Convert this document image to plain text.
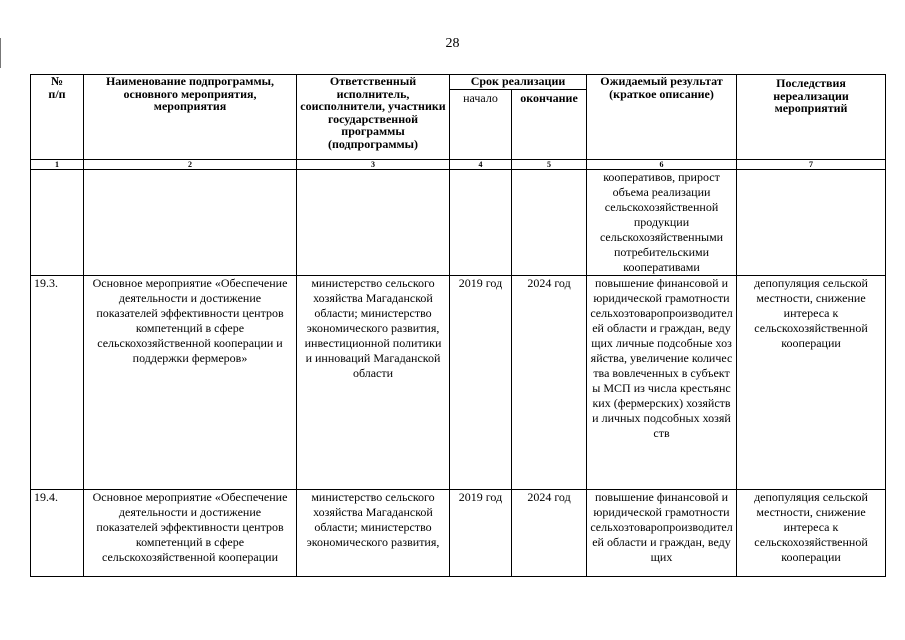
28
№
п/п	Наименование подпрограммы, основного мероприятия, мероприятия	Ответственный исполнитель, соисполнители, участники государственной программы (подпрограммы)	Срок реализации		Ожидаемый результат (краткое описание)	Последствия нереализации мероприятий
			начало	окончание		
1	2	3	4	5	6	7
					кооперативов, прирост объема реализации сельскохозяйственной продукции сельскохозяйственными потребительскими кооперативами	
19.3.	Основное мероприятие «Обеспечение деятельности и достижение показателей эффективности центров компетенций в сфере сельскохозяйственной кооперации и поддержки фермеров»	министерство сельского хозяйства Магаданской области; министерство экономического развития, инвестиционной политики и инноваций Магаданской области	2019 год	2024 год	повышение финансовой и юридической грамотности сельхозтоваропроизводителей области и граждан, ведущих личные подсобные хозяйства, увеличение количества вовлеченных в субъекты МСП из числа крестьянских (фермерских) хозяйств и личных подсобных хозяйств	депопуляция сельской местности, снижение интереса к сельскохозяйственной кооперации
19.4.	Основное мероприятие «Обеспечение деятельности и достижение показателей эффективности центров компетенций в сфере сельскохозяйственной кооперации	министерство сельского хозяйства Магаданской области; министерство экономического развития,	2019 год	2024 год	повышение финансовой и юридической грамотности сельхозтоваропроизводителей области и граждан, ведущих	депопуляция сельской местности, снижение интереса к сельскохозяйственной кооперации
